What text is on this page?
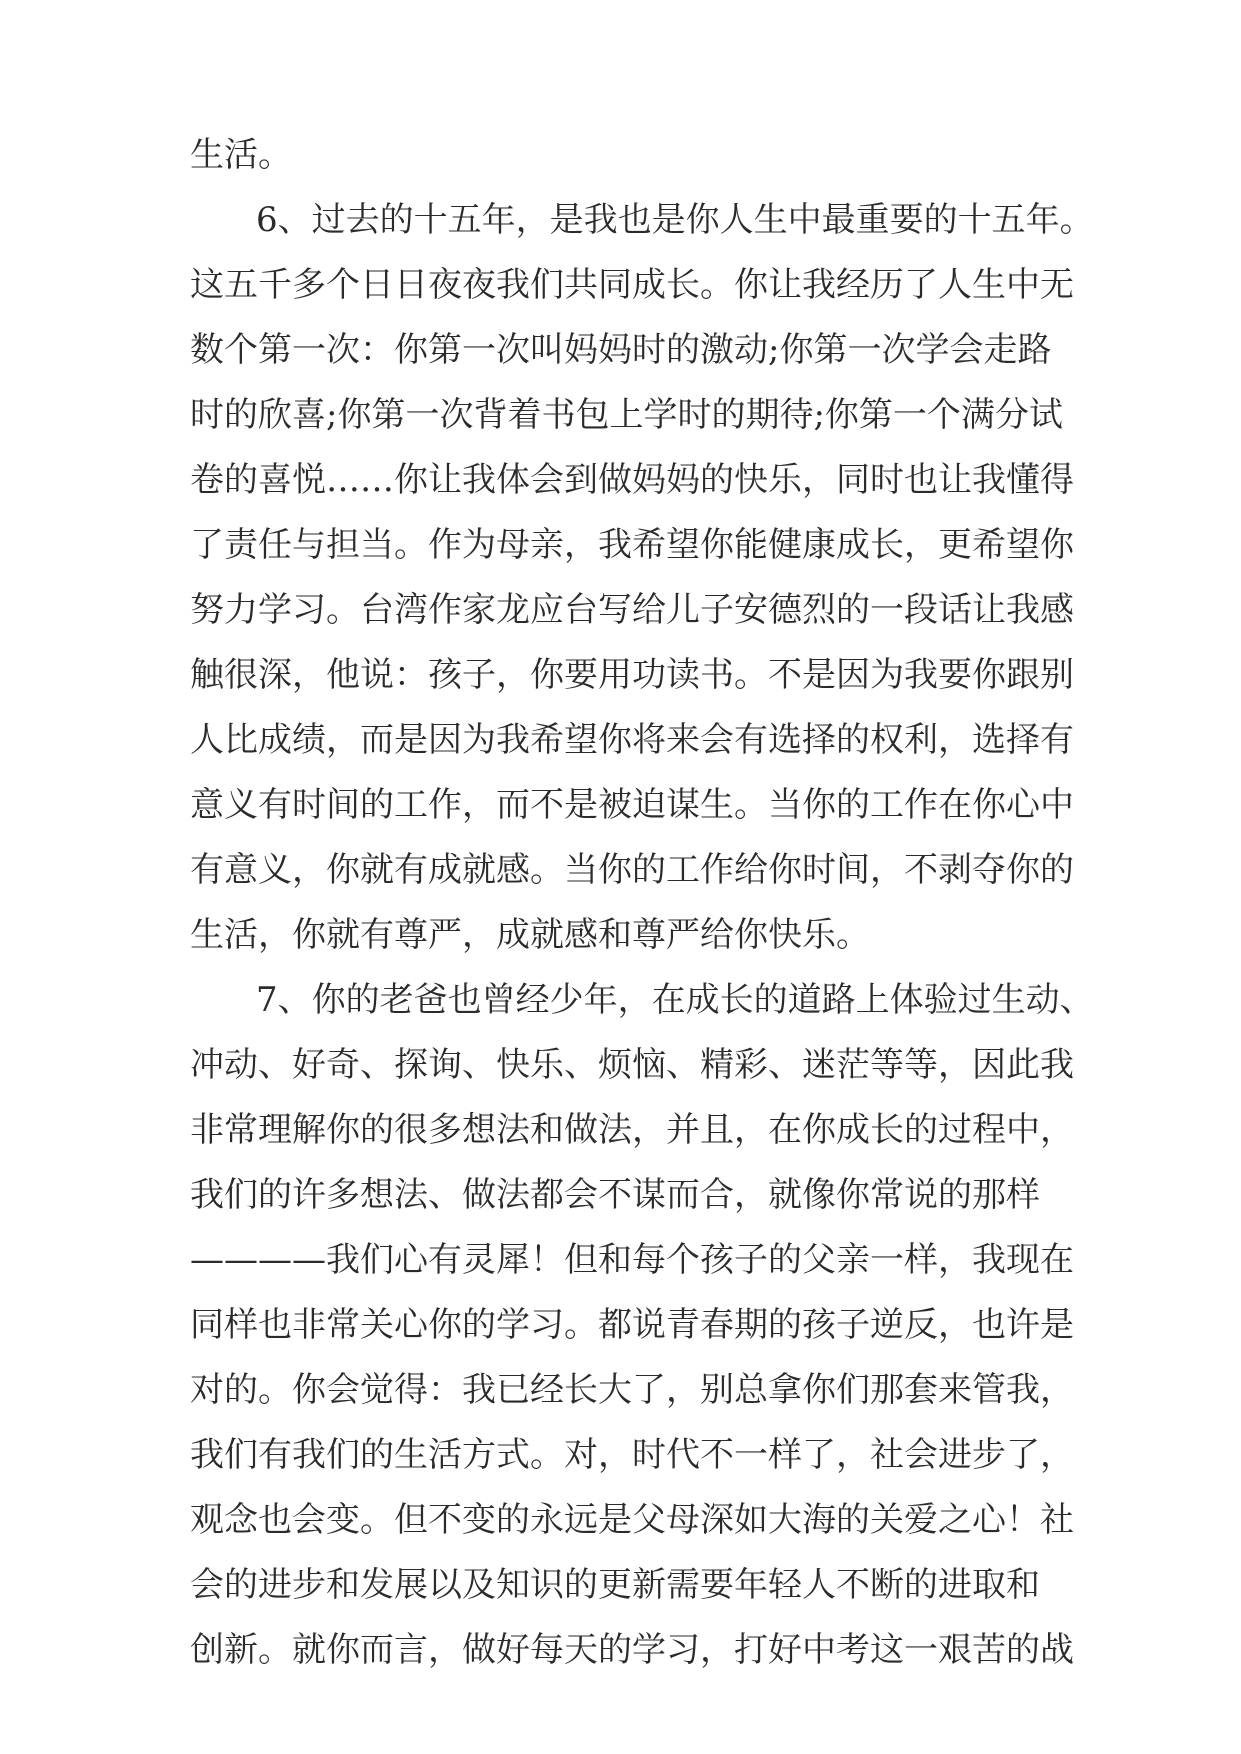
生活。

6、过去的十五年，是我也是你人生中最重要的十五年。

这五千多个日日夜夜我们共同成长。你让我经历了人生中无

数个第一次：你第一次叫妈妈时的激动;你第一次学会走路

时的欣喜;你第一次背着书包上学时的期待;你第一个满分试

卷的喜悦……你让我体会到做妈妈的快乐，同时也让我懂得

了责任与担当。作为母亲，我希望你能健康成长，更希望你

努力学习。台湾作家龙应台写给儿子安德烈的一段话让我感

触很深，他说：孩子，你要用功读书。不是因为我要你跟别

人比成绩，而是因为我希望你将来会有选择的权利，选择有

意义有时间的工作，而不是被迫谋生。当你的工作在你心中

有意义，你就有成就感。当你的工作给你时间，不剥夺你的

生活，你就有尊严，成就感和尊严给你快乐。

7、你的老爸也曾经少年，在成长的道路上体验过生动、

冲动、好奇、探询、快乐、烦恼、精彩、迷茫等等，因此我

非常理解你的很多想法和做法，并且，在你成长的过程中，

我们的许多想法、做法都会不谋而合，就像你常说的那样

————我们心有灵犀！但和每个孩子的父亲一样，我现在

同样也非常关心你的学习。都说青春期的孩子逆反，也许是

对的。你会觉得：我已经长大了，别总拿你们那套来管我，

我们有我们的生活方式。对，时代不一样了，社会进步了，

观念也会变。但不变的永远是父母深如大海的关爱之心！社

会的进步和发展以及知识的更新需要年轻人不断的进取和

创新。就你而言，做好每天的学习，打好中考这一艰苦的战
